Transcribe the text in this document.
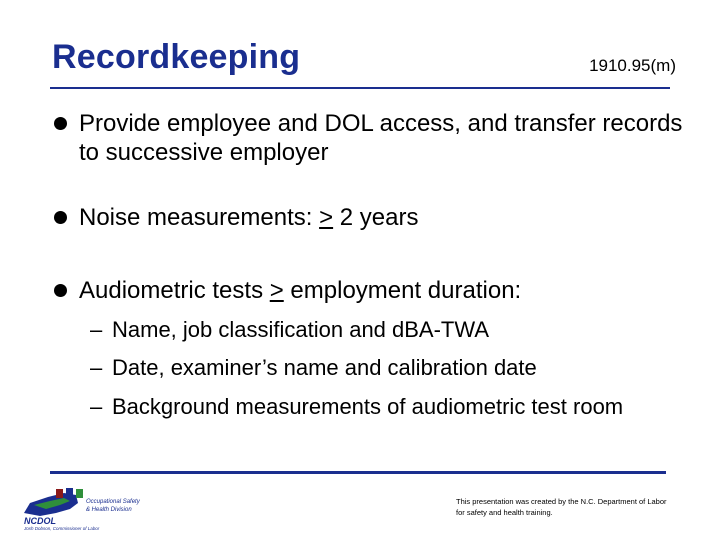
Recordkeeping	1910.95(m)
Provide employee and DOL access, and transfer records to successive employer
Noise measurements: > 2 years
Audiometric tests > employment duration:
– Name, job classification and dBA-TWA
– Date, examiner’s name and calibration date
– Background measurements of audiometric test room
NCDOL
Occupational Safety
& Health Division
Josh Dobson, Commissioner of Labor
This presentation was created by the N.C. Department of Labor for safety and health training.
